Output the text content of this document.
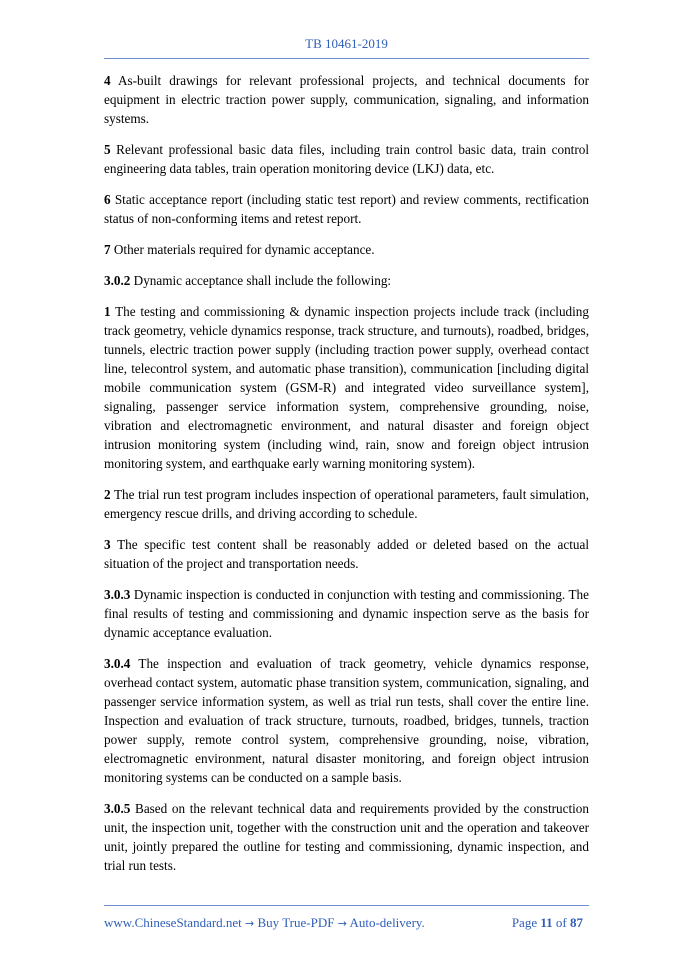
TB 10461-2019

4 As-built drawings for relevant professional projects, and technical documents for equipment in electric traction power supply, communication, signaling, and information systems.

5 Relevant professional basic data files, including train control basic data, train control engineering data tables, train operation monitoring device (LKJ) data, etc.

6 Static acceptance report (including static test report) and review comments, rectification status of non-conforming items and retest report.

7 Other materials required for dynamic acceptance.

3.0.2 Dynamic acceptance shall include the following:

1 The testing and commissioning & dynamic inspection projects include track (including track geometry, vehicle dynamics response, track structure, and turnouts), roadbed, bridges, tunnels, electric traction power supply (including traction power supply, overhead contact line, telecontrol system, and automatic phase transition), communication [including digital mobile communication system (GSM-R) and integrated video surveillance system], signaling, passenger service information system, comprehensive grounding, noise, vibration and electromagnetic environment, and natural disaster and foreign object intrusion monitoring system (including wind, rain, snow and foreign object intrusion monitoring system, and earthquake early warning monitoring system).

2 The trial run test program includes inspection of operational parameters, fault simulation, emergency rescue drills, and driving according to schedule.

3 The specific test content shall be reasonably added or deleted based on the actual situation of the project and transportation needs.

3.0.3 Dynamic inspection is conducted in conjunction with testing and commissioning. The final results of testing and commissioning and dynamic inspection serve as the basis for dynamic acceptance evaluation.

3.0.4 The inspection and evaluation of track geometry, vehicle dynamics response, overhead contact system, automatic phase transition system, communication, signaling, and passenger service information system, as well as trial run tests, shall cover the entire line. Inspection and evaluation of track structure, turnouts, roadbed, bridges, tunnels, traction power supply, remote control system, comprehensive grounding, noise, vibration, electromagnetic environment, natural disaster monitoring, and foreign object intrusion monitoring systems can be conducted on a sample basis.

3.0.5 Based on the relevant technical data and requirements provided by the construction unit, the inspection unit, together with the construction unit and the operation and takeover unit, jointly prepared the outline for testing and commissioning, dynamic inspection, and trial run tests.

www.ChineseStandard.net → Buy True-PDF → Auto-delivery.	Page 11 of 87
